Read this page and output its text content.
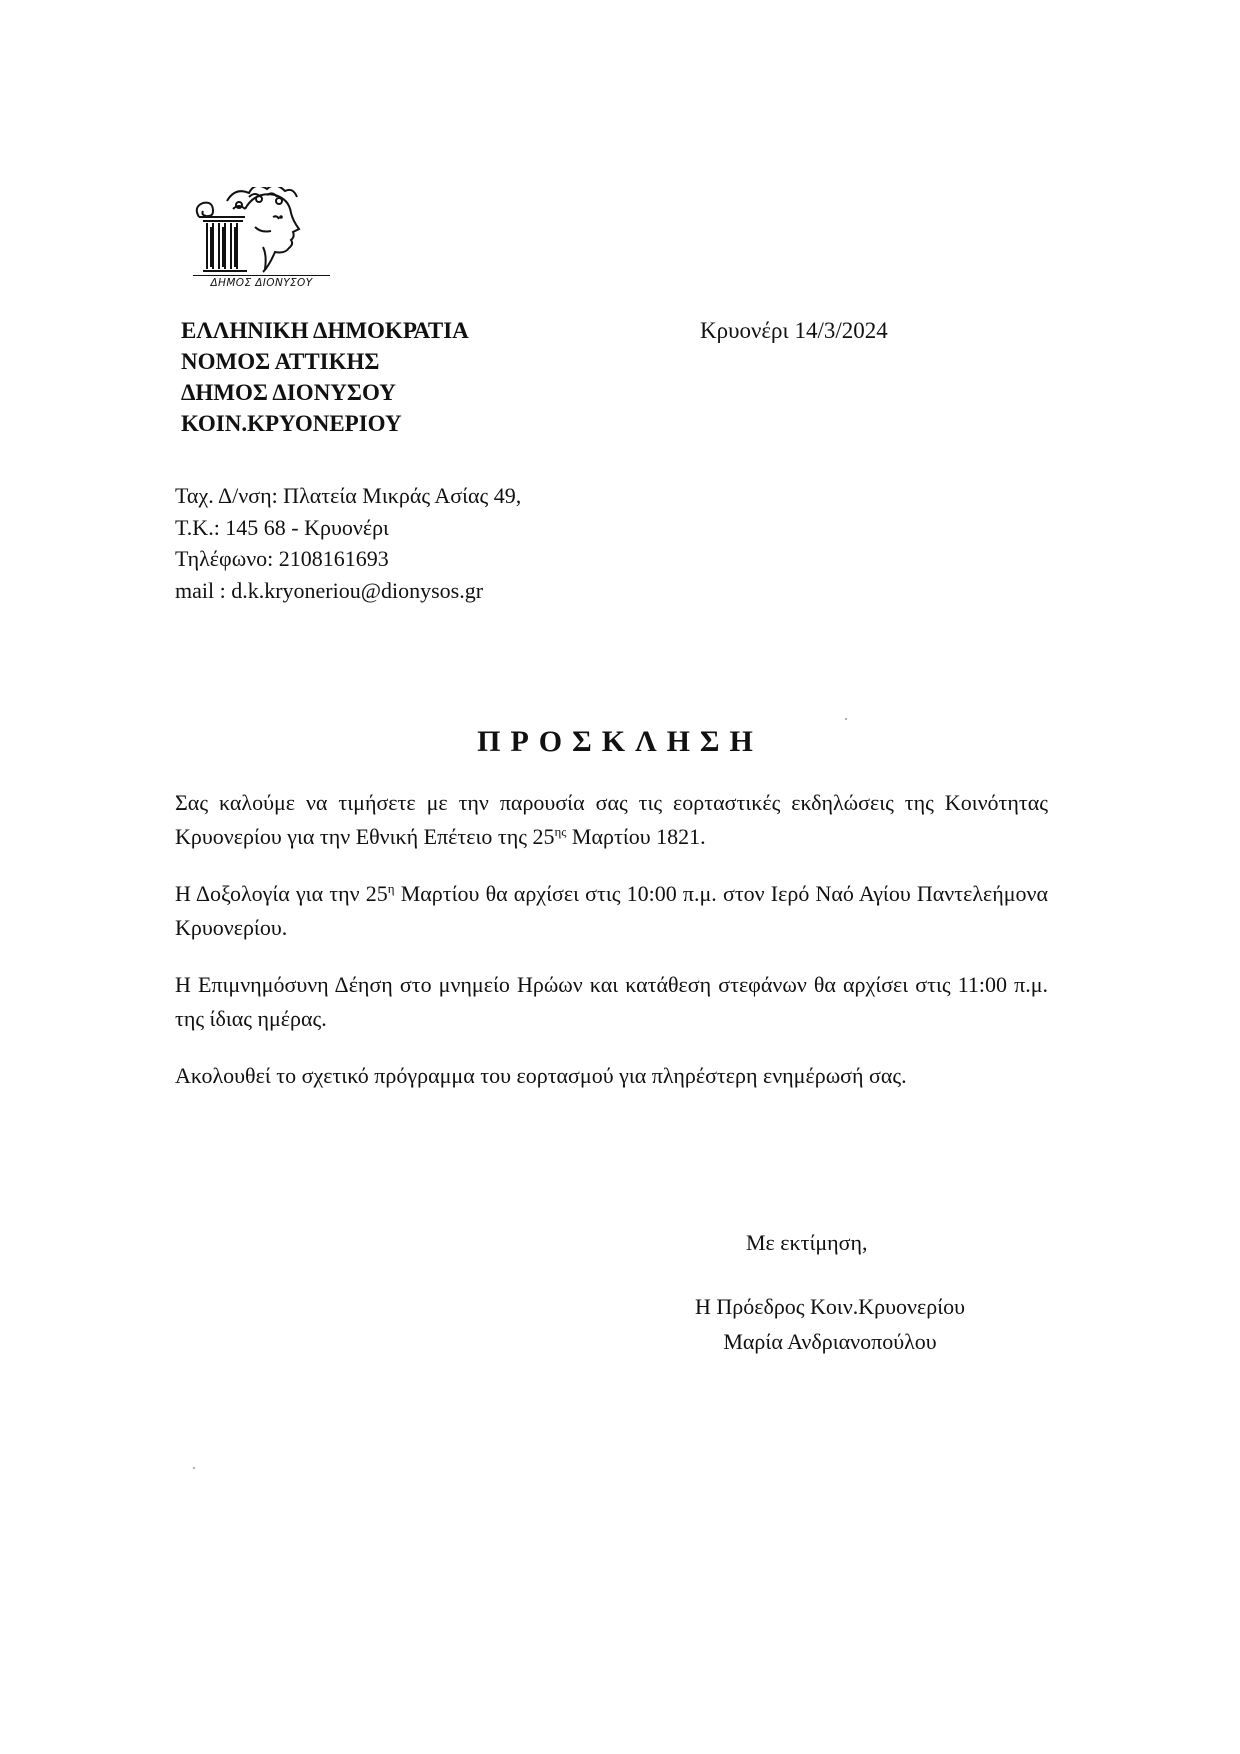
ΔΗΜΟΣ ΔΙΟΝΥΣΟΥ
ΕΛΛΗΝΙΚΗ ΔΗΜΟΚΡΑΤΙΑ
ΝΟΜΟΣ ΑΤΤΙΚΗΣ
ΔΗΜΟΣ ΔΙΟΝΥΣΟΥ
ΚΟΙΝ.ΚΡΥΟΝΕΡΙΟΥ
Κρυονέρι 14/3/2024
Ταχ. Δ/νση: Πλατεία Μικράς Ασίας 49,
Τ.Κ.: 145 68 - Κρυονέρι
Τηλέφωνο: 2108161693
mail : d.k.kryoneriou@dionysos.gr
ΠΡΟΣΚΛΗΣΗ

Σας καλούμε να τιμήσετε με την παρουσία σας τις εορταστικές εκδηλώσεις της Κοινότητας Κρυονερίου για την Εθνική Επέτειο της $25^{\eta\varsigma}$ Μαρτίου 1821.

Η Δοξολογία για την $25^\eta$ Μαρτίου θα αρχίσει στις 10:00 π.μ. στον Ιερό Ναό Αγίου Παντελεήμονα Κρυονερίου.

Η Επιμνημόσυνη Δέηση στο μνημείο Ηρώων και κατάθεση στεφάνων θα αρχίσει στις 11:00 π.μ. της ίδιας ημέρας.

Ακολουθεί το σχετικό πρόγραμμα του εορτασμού για πληρέστερη ενημέρωσή σας.

Με εκτίμηση,
Η Πρόεδρος Κοιν.Κρυονερίου
Μαρία Ανδριανοπούλου
